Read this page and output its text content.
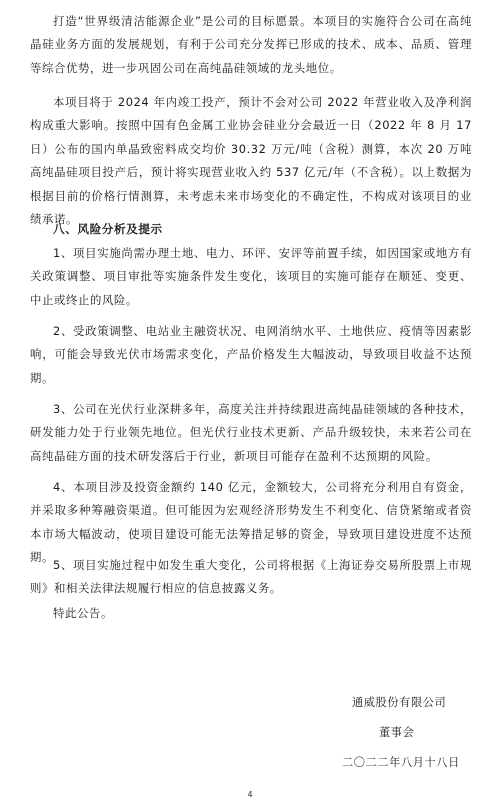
打造“世界级清洁能源企业”是公司的目标愿景。本项目的实施符合公司在高纯晶硅业务方面的发展规划，有利于公司充分发挥已形成的技术、成本、品质、管理等综合优势，进一步巩固公司在高纯晶硅领域的龙头地位。

本项目将于 2024 年内竣工投产，预计不会对公司 2022 年营业收入及净利润构成重大影响。按照中国有色金属工业协会硅业分会最近一日（2022 年 8 月 17 日）公布的国内单晶致密料成交均价 30.32 万元/吨（含税）测算，本次 20 万吨高纯晶硅项目投产后，预计将实现营业收入约 537 亿元/年（不含税）。以上数据为根据目前的价格行情测算，未考虑未来市场变化的不确定性，不构成对该项目的业绩承诺。

八、风险分析及提示

1、项目实施尚需办理土地、电力、环评、安评等前置手续，如因国家或地方有关政策调整、项目审批等实施条件发生变化，该项目的实施可能存在顺延、变更、中止或终止的风险。

2、受政策调整、电站业主融资状况、电网消纳水平、土地供应、疫情等因素影响，可能会导致光伏市场需求变化，产品价格发生大幅波动，导致项目收益不达预期。

3、公司在光伏行业深耕多年，高度关注并持续跟进高纯晶硅领域的各种技术，研发能力处于行业领先地位。但光伏行业技术更新、产品升级较快，未来若公司在高纯晶硅方面的技术研发落后于行业，新项目可能存在盈利不达预期的风险。

4、本项目涉及投资金额约 140 亿元，金额较大，公司将充分利用自有资金，并采取多种筹融资渠道。但可能因为宏观经济形势发生不利变化、信贷紧缩或者资本市场大幅波动，使项目建设可能无法筹措足够的资金，导致项目建设进度不达预期。

5、项目实施过程中如发生重大变化，公司将根据《上海证券交易所股票上市规则》和相关法律法规履行相应的信息披露义务。

特此公告。

通威股份有限公司

董事会

二〇二二年八月十八日

4
